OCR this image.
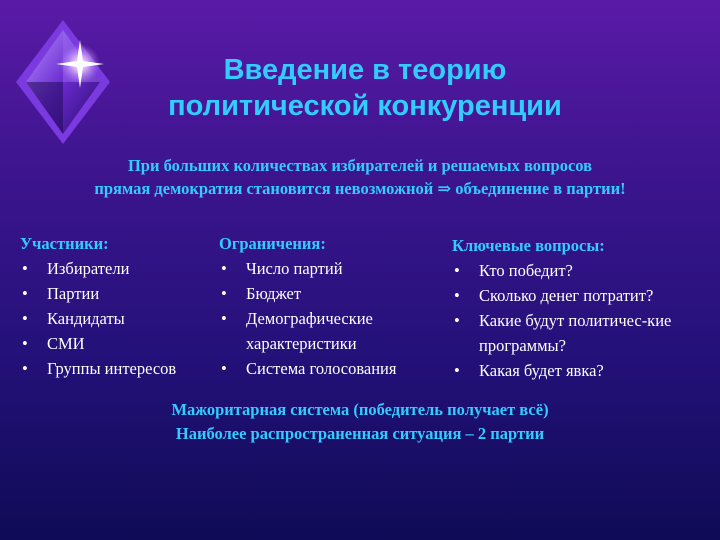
Введение в теорию
политической конкуренции
При больших количествах избирателей и решаемых вопросов
прямая демократия становится невозможной ⇒ объединение в партии!
Участники:
• Избиратели
• Партии
• Кандидаты
• СМИ
• Группы интересов
Ограничения:
• Число партий
• Бюджет
• Демографические характеристики
• Система голосования
Ключевые вопросы:
• Кто победит?
• Сколько денег потратит?
• Какие будут политичес-кие программы?
• Какая будет явка?
Мажоритарная система (победитель получает всё)
Наиболее распространенная ситуация – 2 партии
